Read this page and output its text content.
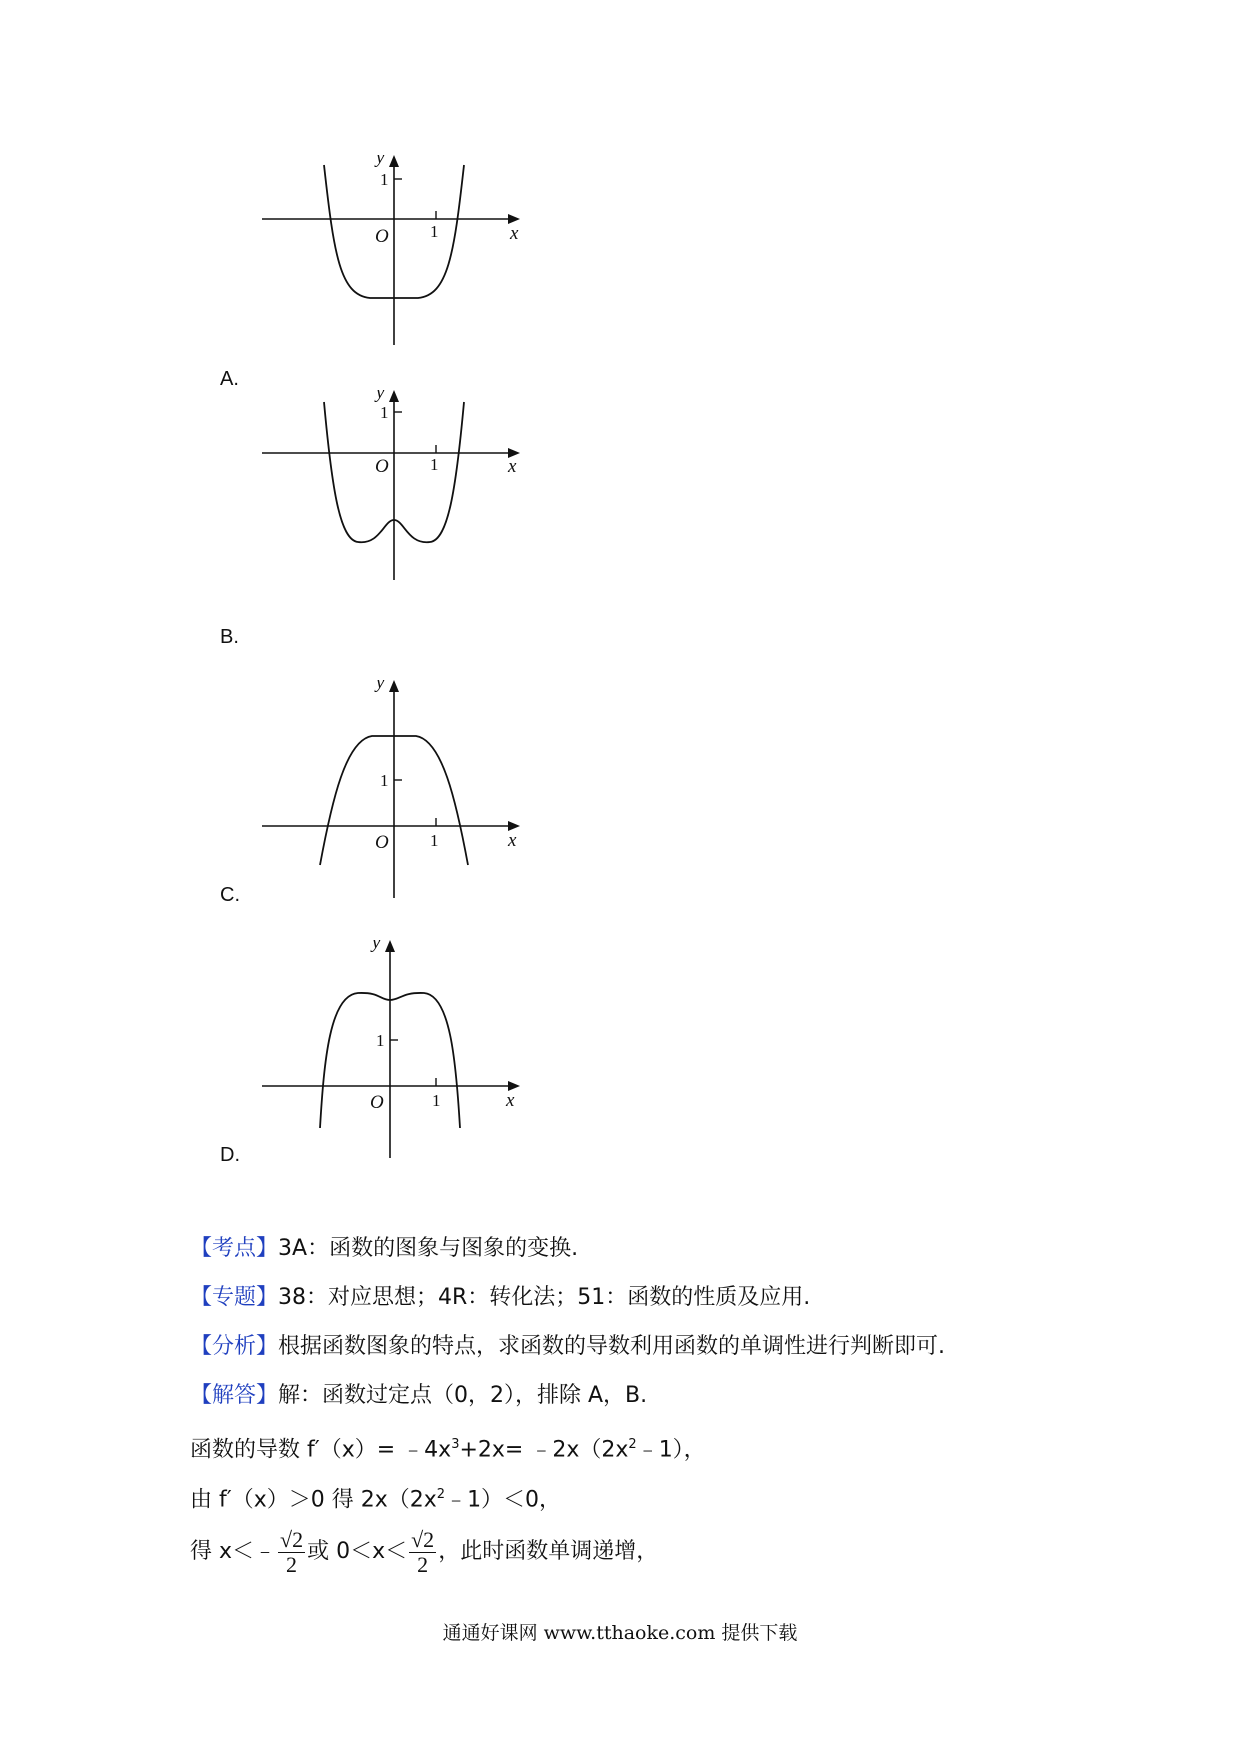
y
x
O 1
1
A.
y
x
O 1
1
B.
y
x
O 1
1
C.
y
x
O	1
1
D.
【考点】3A：函数的图象与图象的变换.
【专题】38：对应思想；4R：转化法；51：函数的性质及应用.
【分析】根据函数图象的特点，求函数的导数利用函数的单调性进行判断即可.
【解答】解：函数过定点（0，2），排除 A，B.
函数的导数 $f'(x)= ﹣4x^3+2x=$ $﹣2x(2x^2﹣1)$，
由 f′（x）＞0 得 $2x(2x^2﹣1)<0$，
得 x＜﹣ $\frac{√2}{2}$ 或 $0<x< \frac{√2}{2}$ ，此时函数单调递增，
通通好课网 www.tthaoke.com 提供下载
